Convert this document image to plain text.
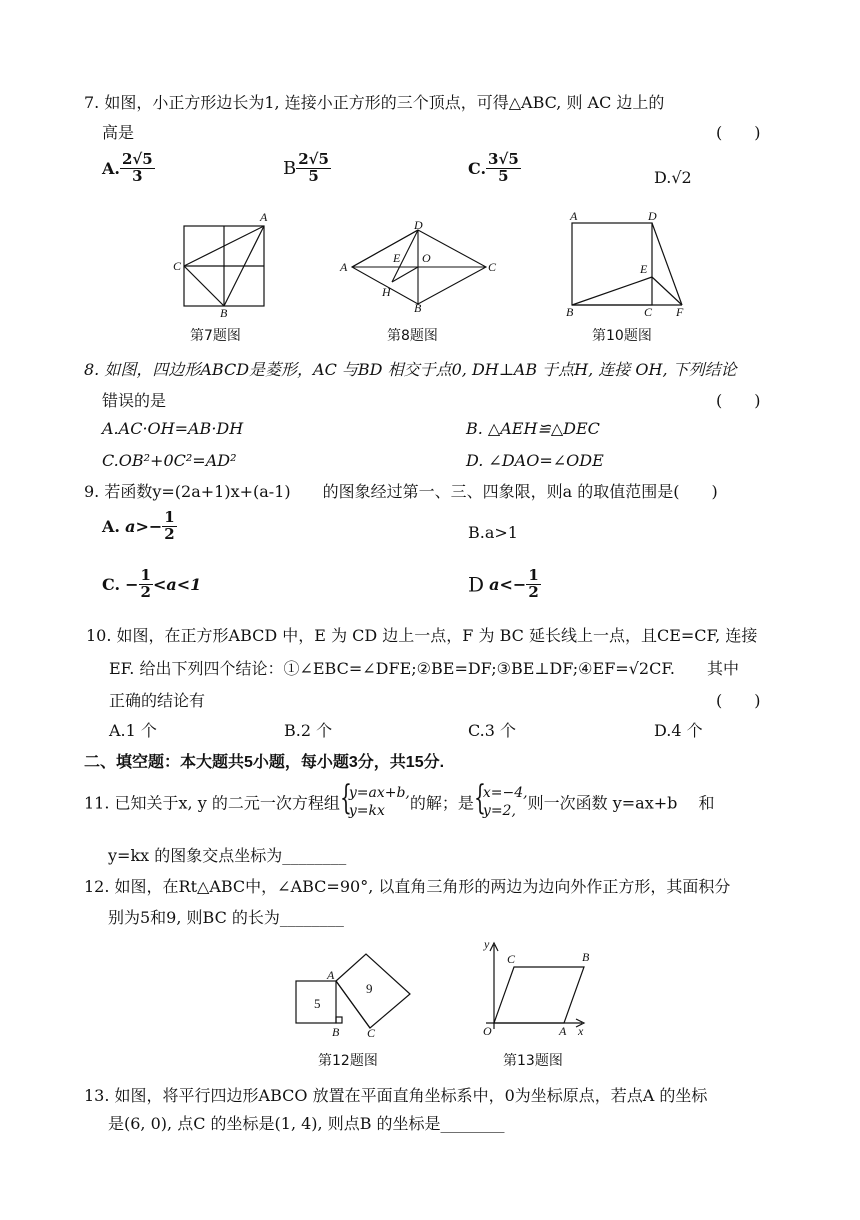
7. 如图，小正方形边长为1, 连接小正方形的三个顶点，可得△ABC, 则 AC 边上的
高是	(　　)
A. $\frac{2√5}{3}$	B $\frac{2√5}{5}$	C. $\frac{3√5}{5}$	D.√2
A
C
B
第7题图
D
A
E O
C
H
B
第8题图
A	D
E
B	C F
第10题图
8. 如图，四边形ABCD是菱形，AC 与BD 相交于点0, DH⊥AB 于点H, 连接 OH, 下列结论
错误的是	(　　)
A.AC·OH=AB·DH	B. △AEH≌△DEC
C.OB²+0C²=AD²	D. ∠DAO=∠ODE
9. 若函数y=(2a+1)x+(a-1)　　的图象经过第一、三、四象限，则a 的取值范围是(　　)
A. $a>- \frac{1}{2}$	B.a>1
C. − $\frac{1}{2} <a<1$	D $a<- \frac{1}{2}$
10. 如图，在正方形ABCD 中，E 为 CD 边上一点，F 为 BC 延长线上一点，且CE=CF, 连接
EF. 给出下列四个结论：①∠EBC=∠DFE;②BE=DF;③BE⊥DF;④EF=√2CF.　　其中
正确的结论有	(　　)
A.1 个	B.2 个	C.3 个	D.4 个
二、填空题：本大题共5小题，每小题3分，共15分.
11. 已知关于x, y 的二元一次方程组 {
y=ax+b,
y=kx	的解；是 {
x=−4,
y=2, 则一次函数 y=ax+b　 和
y=kx 的图象交点坐标为________
12. 如图，在Rt△ABC中，∠ABC=90°, 以直角三角形的两边为边向外作正方形，其面积分
别为5和9, 则BC 的长为________
5
9
A
B C
第12题图
y
C	B
O	A x
第13题图
13. 如图，将平行四边形ABCO 放置在平面直角坐标系中，0为坐标原点，若点A 的坐标
是(6, 0), 点C 的坐标是(1, 4), 则点B 的坐标是________
